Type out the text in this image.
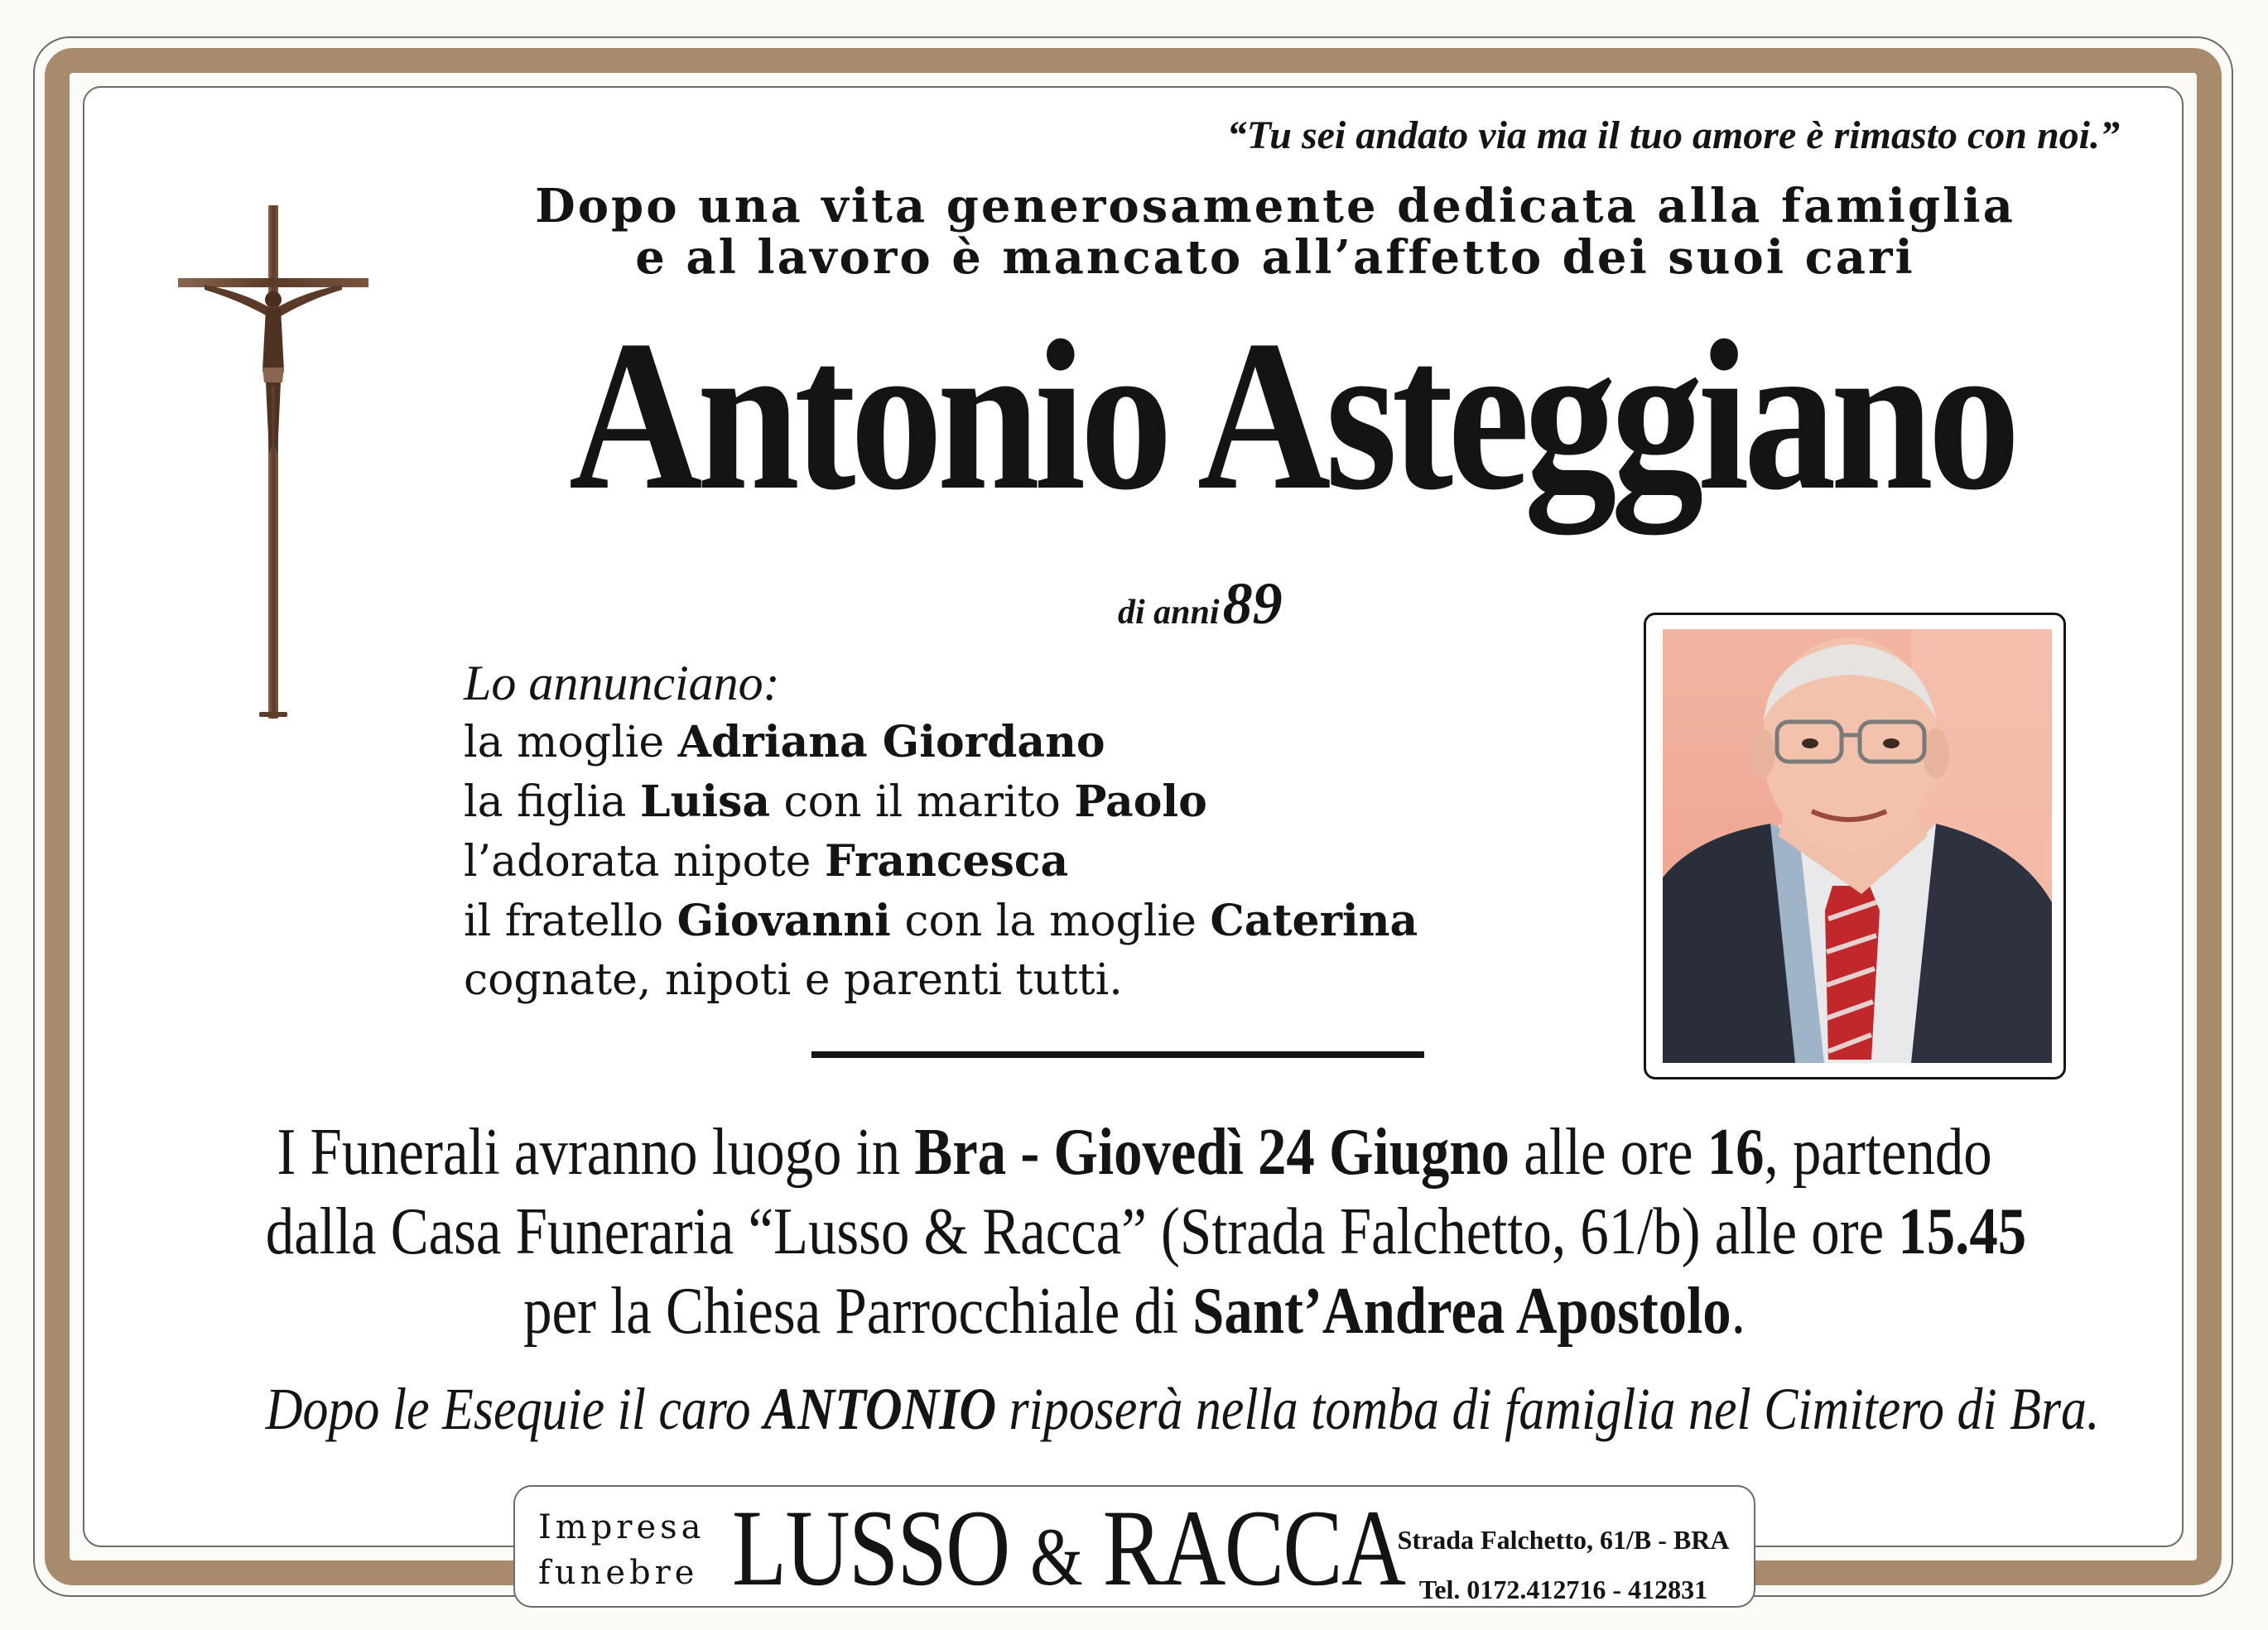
“Tu sei andato via ma il tuo amore è rimasto con noi.”
Dopo una vita generosamente dedicata alla famiglia
e al lavoro è mancato all’affetto dei suoi cari
Antonio Asteggiano
di anni 89
Lo annunciano:
la moglie Adriana Giordano
la figlia Luisa con il marito Paolo
l’adorata nipote Francesca
il fratello Giovanni con la moglie Caterina
cognate, nipoti e parenti tutti.
I Funerali avranno luogo in Bra - Giovedì 24 Giugno alle ore 16, partendo
dalla Casa Funeraria “Lusso & Racca” (Strada Falchetto, 61/b) alle ore 15.45
per la Chiesa Parrocchiale di Sant’Andrea Apostolo.
Dopo le Esequie il caro ANTONIO riposerà nella tomba di famiglia nel Cimitero di Bra.
Impresa
funebre LUSSO & RACCA
Strada Falchetto, 61/B - BRA
Tel. 0172.412716 - 412831
